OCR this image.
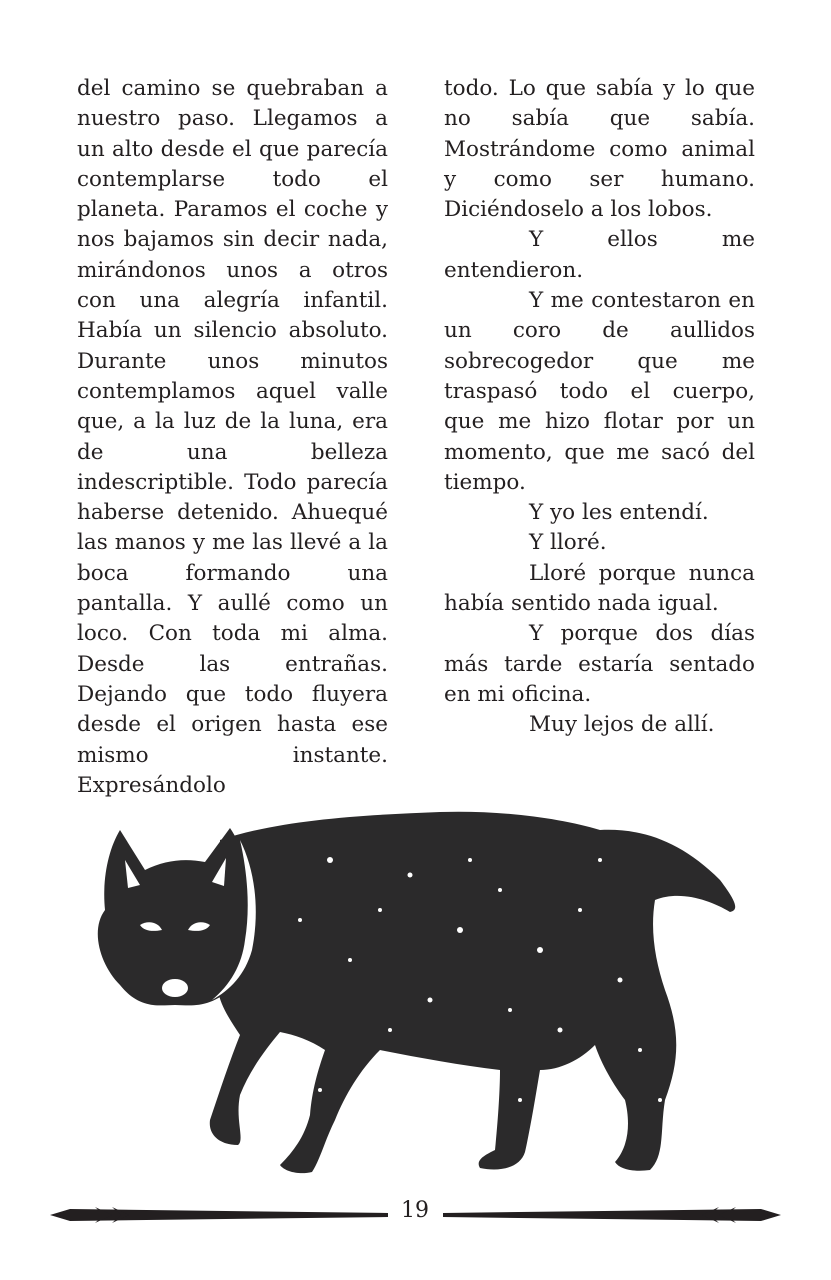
del camino se quebraban a nuestro paso. Llegamos a un alto desde el que parecía contemplarse todo el planeta. Paramos el coche y nos bajamos sin decir nada, mirándonos unos a otros con una alegría infantil. Había un silencio absoluto. Durante unos minutos contemplamos aquel valle que, a la luz de la luna, era de una belleza indescriptible. Todo parecía haberse detenido. Ahuequé las manos y me las llevé a la boca formando una pantalla. Y aullé como un loco. Con toda mi alma. Desde las entrañas. Dejando que todo fluyera desde el origen hasta ese mismo instante. Expresándolo

todo. Lo que sabía y lo que no sabía que sabía. Mostrándome como animal y como ser humano. Diciéndoselo a los lobos.

Y ellos me entendieron.

Y me contestaron en un coro de aullidos sobrecogedor que me traspasó todo el cuerpo, que me hizo flotar por un momento, que me sacó del tiempo.

Y yo les entendí.

Y lloré.

Lloré porque nunca había sentido nada igual.

Y porque dos días más tarde estaría sentado en mi oficina.

Muy lejos de allí.

19
